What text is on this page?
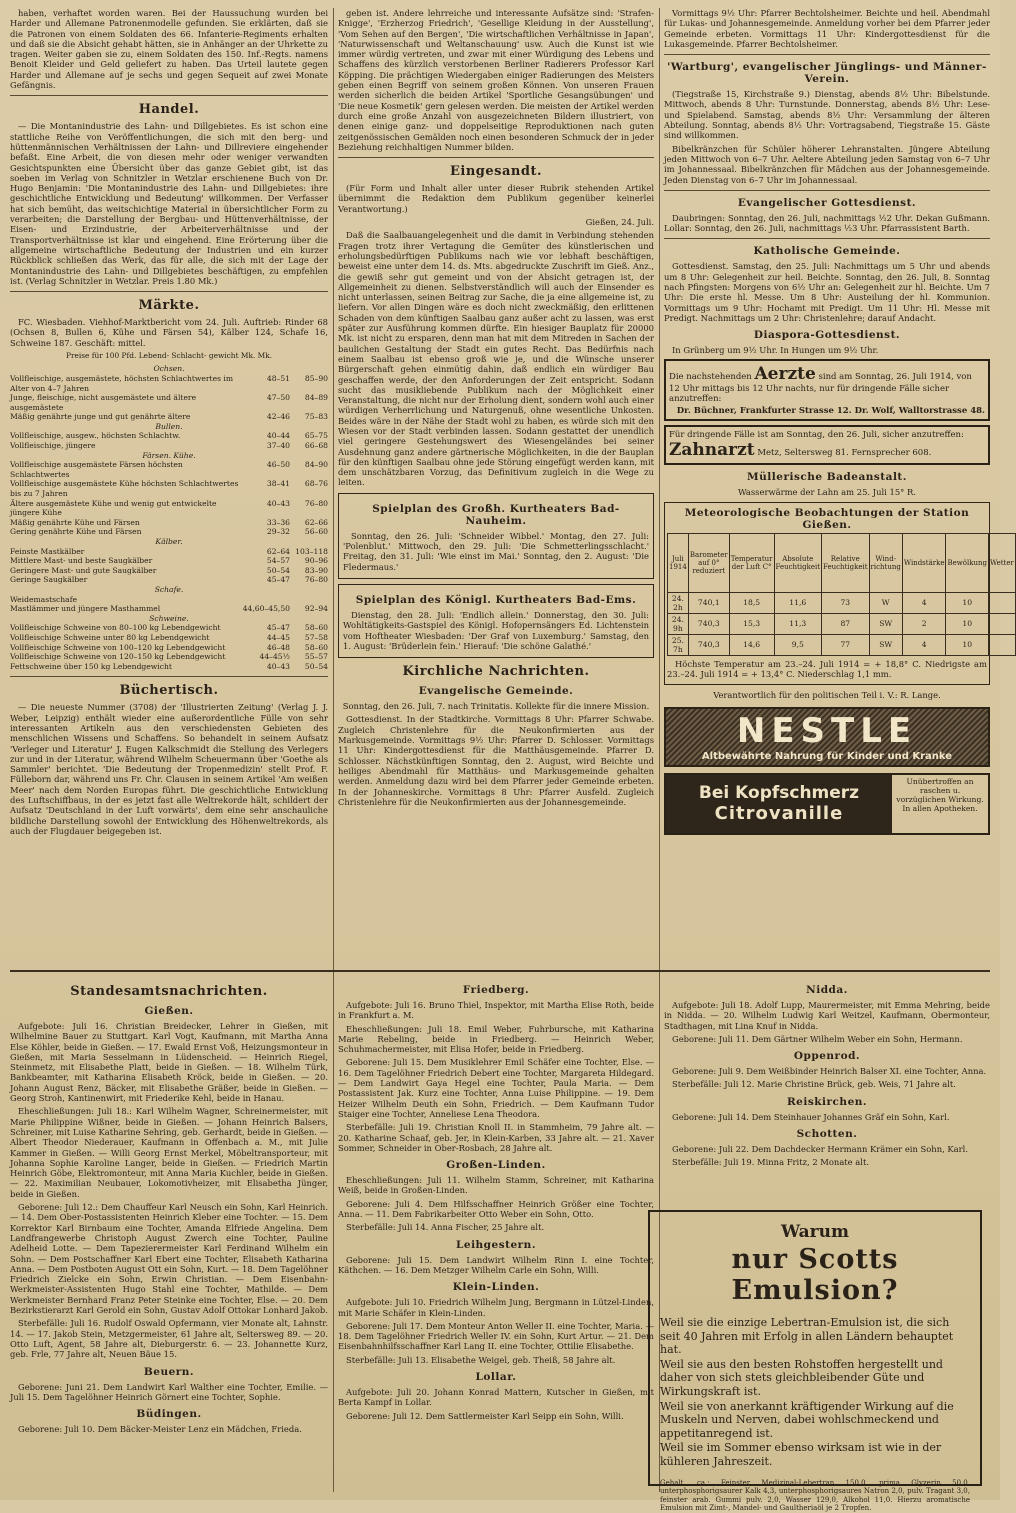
haben, verhaftet worden waren. Bei der Haussuchung wurden bei Harder und Allemane Patronenmodelle gefunden. Sie erklärten, daß sie die Patronen von einem Soldaten des 66. Infanterie-Regiments erhalten und daß sie die Absicht gehabt hätten, sie in Anhänger an der Uhrkette zu tragen. Weiter gaben sie zu, einem Soldaten des 150. Inf.-Regts. namens Benoit Kleider und Geld geliefert zu haben. Das Urteil lautete gegen Harder und Allemane auf je sechs und gegen Sequeit auf zwei Monate Gefängnis.

Handel.

— Die Montanindustrie des Lahn- und Dillgebietes. Es ist schon eine stattliche Reihe von Veröffentlichungen, die sich mit den berg- und hüttenmännischen Verhältnissen der Lahn- und Dillreviere eingehender befaßt. Eine Arbeit, die von diesen mehr oder weniger verwandten Gesichtspunkten eine Übersicht über das ganze Gebiet gibt, ist das soeben im Verlag von Schnitzler in Wetzlar erschienene Buch von Dr. Hugo Benjamin: 'Die Montanindustrie des Lahn- und Dillgebietes: ihre geschichtliche Entwicklung und Bedeutung' willkommen. Der Verfasser hat sich bemüht, das weitschichtige Material in übersichtlicher Form zu verarbeiten; die Darstellung der Bergbau- und Hüttenverhältnisse, der Eisen- und Erzindustrie, der Arbeiterverhältnisse und der Transportverhältnisse ist klar und eingehend. Eine Erörterung über die allgemeine wirtschaftliche Bedeutung der Industrien und ein kurzer Rückblick schließen das Werk, das für alle, die sich mit der Lage der Montanindustrie des Lahn- und Dillgebietes beschäftigen, zu empfehlen ist. (Verlag Schnitzler in Wetzlar. Preis 1.80 Mk.)

Märkte.

FC. Wiesbaden. Viehhof-Marktbericht vom 24. Juli. Auftrieb: Rinder 68 (Ochsen 8, Bullen 6, Kühe und Färsen 54), Kälber 124, Schafe 16, Schweine 187. Geschäft: mittel.

Preise für 100 Pfd. Lebend- Schlacht- gewicht Mk. Mk.

Ochsen.		
Vollfleischige, ausgemästete, höchsten Schlachtwertes im Alter von 4–7 Jahren	48–51	85–90
Junge, fleischige, nicht ausgemästete und ältere ausgemästete	47–50	84–89
Mäßig genährte junge und gut genährte ältere	42–46	75–83
Bullen.		
Vollfleischige, ausgew., höchsten Schlachtw.	40–44	65–75
Vollfleischige, jüngere	37–40	66–68
Färsen. Kühe.		
Vollfleischige ausgemästete Färsen höchsten Schlachtwertes	46–50	84–90
Vollfleischige ausgemästete Kühe höchsten Schlachtwertes bis zu 7 Jahren	38–41	68–76
Ältere ausgemästete Kühe und wenig gut entwickelte jüngere Kühe	40–43	76–80
Mäßig genährte Kühe und Färsen	33–36	62–66
Gering genährte Kühe und Färsen	29–32	56–60
Kälber.		
Feinste Mastkälber	62–64	103–118
Mittlere Mast- und beste Saugkälber	54–57	90–96
Geringere Mast- und gute Saugkälber	50–54	83–90
Geringe Saugkälber	45–47	76–80
Schafe.		
Weidemastschafe		
Mastlämmer und jüngere Masthammel	44,60–45,50	92–94
Schweine.		
Vollfleischige Schweine von 80–100 kg Lebendgewicht	45–47	58–60
Vollfleischige Schweine unter 80 kg Lebendgewicht	44–45	57–58
Vollfleischige Schweine von 100–120 kg Lebendgewicht	46–48	58–60
Vollfleischige Schweine von 120–150 kg Lebendgewicht	44–45½	55–57
Fettschweine über 150 kg Lebendgewicht	40–43	50–54
Büchertisch.

— Die neueste Nummer (3708) der 'Illustrierten Zeitung' (Verlag J. J. Weber, Leipzig) enthält wieder eine außerordentliche Fülle von sehr interessanten Artikeln aus den verschiedensten Gebieten des menschlichen Wissens und Schaffens. So behandelt in seinem Aufsatz 'Verleger und Literatur' J. Eugen Kalkschmidt die Stellung des Verlegers zur und in der Literatur, während Wilhelm Scheuermann über 'Goethe als Sammler' berichtet. 'Die Bedeutung der Tropenmedizin' stellt Prof. F. Fülleborn dar, während uns Fr. Chr. Clausen in seinem Artikel 'Am weißen Meer' nach dem Norden Europas führt. Die geschichtliche Entwicklung des Luftschiffbaus, in der es jetzt fast alle Weltrekorde hält, schildert der Aufsatz 'Deutschland in der Luft vorwärts', dem eine sehr anschauliche bildliche Darstellung sowohl der Entwicklung des Höhenweltrekords, als auch der Flugdauer beigegeben ist.

geben ist. Andere lehrreiche und interessante Aufsätze sind: 'Strafen-Knigge', 'Erzherzog Friedrich', 'Gesellige Kleidung in der Ausstellung', 'Vom Sehen auf den Bergen', 'Die wirtschaftlichen Verhältnisse in Japan', 'Naturwissenschaft und Weltanschauung' usw. Auch die Kunst ist wie immer würdig vertreten, und zwar mit einer Würdigung des Lebens und Schaffens des kürzlich verstorbenen Berliner Radierers Professor Karl Köpping. Die prächtigen Wiedergaben einiger Radierungen des Meisters geben einen Begriff von seinem großen Können. Von unseren Frauen werden sicherlich die beiden Artikel 'Sportliche Gesangsübungen' und 'Die neue Kosmetik' gern gelesen werden. Die meisten der Artikel werden durch eine große Anzahl von ausgezeichneten Bildern illustriert, von denen einige ganz- und doppelseitige Reproduktionen nach guten zeitgenössischen Gemälden noch einen besonderen Schmuck der in jeder Beziehung reichhaltigen Nummer bilden.

Eingesandt.

(Für Form und Inhalt aller unter dieser Rubrik stehenden Artikel übernimmt die Redaktion dem Publikum gegenüber keinerlei Verantwortung.)

Gießen, 24. Juli.

Daß die Saalbauangelegenheit und die damit in Verbindung stehenden Fragen trotz ihrer Vertagung die Gemüter des künstlerischen und erholungsbedürftigen Publikums nach wie vor lebhaft beschäftigen, beweist eine unter dem 14. ds. Mts. abgedruckte Zuschrift im Gieß. Anz., die gewiß sehr gut gemeint und von der Absicht getragen ist, der Allgemeinheit zu dienen. Selbstverständlich will auch der Einsender es nicht unterlassen, seinen Beitrag zur Sache, die ja eine allgemeine ist, zu liefern. Vor allen Dingen wäre es doch nicht zweckmäßig, den erlittenen Schaden von dem künftigen Saalbau ganz außer acht zu lassen, was erst später zur Ausführung kommen dürfte. Ein hiesiger Bauplatz für 20000 Mk. ist nicht zu ersparen, denn man hat mit dem Mitreden in Sachen der baulichen Gestaltung der Stadt ein gutes Recht. Das Bedürfnis nach einem Saalbau ist ebenso groß wie je, und die Wünsche unserer Bürgerschaft gehen einmütig dahin, daß endlich ein würdiger Bau geschaffen werde, der den Anforderungen der Zeit entspricht. Sodann sucht das musikliebende Publikum nach der Möglichkeit einer Veranstaltung, die nicht nur der Erholung dient, sondern wohl auch einer würdigen Verherrlichung und Naturgenuß, ohne wesentliche Unkosten. Beides wäre in der Nähe der Stadt wohl zu haben, es würde sich mit den Wiesen vor der Stadt verbinden lassen. Sodann gestattet der unendlich viel geringere Gestehungswert des Wiesengeländes bei seiner Ausdehnung ganz andere gärtnerische Möglichkeiten, in die der Bauplan für den künftigen Saalbau ohne jede Störung eingefügt werden kann, mit dem unschätzbaren Vorzug, das Definitivum zugleich in die Wege zu leiten.

Spielplan des Großh. Kurtheaters Bad-Nauheim.

Sonntag, den 26. Juli: 'Schneider Wibbel.' Montag, den 27. Juli: 'Polenblut.' Mittwoch, den 29. Juli: 'Die Schmetterlingsschlacht.' Freitag, den 31. Juli: 'Wie einst im Mai.' Sonntag, den 2. August: 'Die Fledermaus.'

Spielplan des Königl. Kurtheaters Bad-Ems.

Dienstag, den 28. Juli: 'Endlich allein.' Donnerstag, den 30. Juli: Wohltätigkeits-Gastspiel des Königl. Hofopernsängers Ed. Lichtenstein vom Hoftheater Wiesbaden: 'Der Graf von Luxemburg.' Samstag, den 1. August: 'Brüderlein fein.' Hierauf: 'Die schöne Galathé.'

Kirchliche Nachrichten.
Evangelische Gemeinde.

Sonntag, den 26. Juli, 7. nach Trinitatis. Kollekte für die innere Mission.

Gottesdienst. In der Stadtkirche. Vormittags 8 Uhr: Pfarrer Schwabe. Zugleich Christenlehre für die Neukonfirmierten aus der Markusgemeinde. Vormittags 9½ Uhr: Pfarrer D. Schlosser. Vormittags 11 Uhr: Kindergottesdienst für die Matthäusgemeinde. Pfarrer D. Schlosser. Nächstkünftigen Sonntag, den 2. August, wird Beichte und heiliges Abendmahl für Matthäus- und Markusgemeinde gehalten werden. Anmeldung dazu wird bei dem Pfarrer jeder Gemeinde erbeten. In der Johanneskirche. Vormittags 8 Uhr: Pfarrer Ausfeld. Zugleich Christenlehre für die Neukonfirmierten aus der Johannesgemeinde.

Vormittags 9½ Uhr: Pfarrer Bechtolsheimer. Beichte und heil. Abendmahl für Lukas- und Johannesgemeinde. Anmeldung vorher bei dem Pfarrer jeder Gemeinde erbeten. Vormittags 11 Uhr: Kindergottesdienst für die Lukasgemeinde. Pfarrer Bechtolsheimer.

'Wartburg', evangelischer Jünglings- und Männer-Verein.

(Tiegstraße 15, Kirchstraße 9.) Dienstag, abends 8½ Uhr: Bibelstunde. Mittwoch, abends 8 Uhr: Turnstunde. Donnerstag, abends 8½ Uhr: Lese- und Spielabend. Samstag, abends 8½ Uhr: Versammlung der älteren Abteilung. Sonntag, abends 8½ Uhr: Vortragsabend, Tiegstraße 15. Gäste sind willkommen.

Bibelkränzchen für Schüler höherer Lehranstalten. Jüngere Abteilung jeden Mittwoch von 6–7 Uhr. Aeltere Abteilung jeden Samstag von 6–7 Uhr im Johannessaal. Bibelkränzchen für Mädchen aus der Johannesgemeinde. Jeden Dienstag von 6–7 Uhr im Johannessaal.

Evangelischer Gottesdienst.

Daubringen: Sonntag, den 26. Juli, nachmittags ½2 Uhr. Dekan Gußmann. Lollar: Sonntag, den 26. Juli, nachmittags ½3 Uhr. Pfarrassistent Barth.

Katholische Gemeinde.

Gottesdienst. Samstag, den 25. Juli: Nachmittags um 5 Uhr und abends um 8 Uhr: Gelegenheit zur heil. Beichte. Sonntag, den 26. Juli, 8. Sonntag nach Pfingsten: Morgens von 6½ Uhr an: Gelegenheit zur hl. Beichte. Um 7 Uhr: Die erste hl. Messe. Um 8 Uhr: Austeilung der hl. Kommunion. Vormittags um 9 Uhr: Hochamt mit Predigt. Um 11 Uhr: Hl. Messe mit Predigt. Nachmittags um 2 Uhr: Christenlehre; darauf Andacht.

Diaspora-Gottesdienst.

In Grünberg um 9½ Uhr. In Hungen um 9½ Uhr.

Die nachstehenden Aerzte sind am Sonntag, 26. Juli 1914, von 12 Uhr mittags bis 12 Uhr nachts, nur für dringende Fälle sicher anzutreffen:
Dr. Büchner, Frankfurter Strasse 12. Dr. Wolf, Walltorstrasse 48.
Für dringende Fälle ist am Sonntag, den 26. Juli, sicher anzutreffen:
Zahnarzt Metz, Seltersweg 81. Fernsprecher 608.
Müllerische Badeanstalt.

Wasserwärme der Lahn am 25. Juli 15° R.

Meteorologische Beobachtungen der Station Gießen.
Juli 1914	Barometer auf 0° reduziert	Temperatur der Luft C°	Absolute Feuchtigkeit	Relative Feuchtigkeit	Wind-richtung	Windstärke	Bewölkung	Wetter
24. 2h	740,1	18,5	11,6	73	W	4	10	
24. 9h	740,3	15,3	11,3	87	SW	2	10	
25. 7h	740,3	14,6	9,5	77	SW	4	10	

Höchste Temperatur am 23.–24. Juli 1914 = + 18,8° C. Niedrigste am 23.–24. Juli 1914 = + 13,4° C. Niederschlag 1,1 mm.

Verantwortlich für den politischen Teil i. V.: R. Lange.

NESTLE
Altbewährte Nahrung für Kinder und Kranke
Bei Kopfschmerz
Citrovanille
Unübertroffen an raschen u. vorzüglichen Wirkung. In allen Apotheken.
Standesamtsnachrichten.
Gießen.

Aufgebote: Juli 16. Christian Breidecker, Lehrer in Gießen, mit Wilhelmine Bauer zu Stuttgart. Karl Vogt, Kaufmann, mit Martha Anna Else Köhler, beide in Gießen. — 17. Ewald Ernst Voß, Heizungsmonteur in Gießen, mit Maria Sesselmann in Lüdenscheid. — Heinrich Riegel, Steinmetz, mit Elisabethe Platt, beide in Gießen. — 18. Wilhelm Türk, Bankbeamter, mit Katharina Elisabeth Kröck, beide in Gießen. — 20. Johann August Renz, Bäcker, mit Elisabethe Gräßer, beide in Gießen. — Georg Stroh, Kantinenwirt, mit Friederike Kehl, beide in Hanau.

Eheschließungen: Juli 18.: Karl Wilhelm Wagner, Schreinermeister, mit Marie Philippine Wißner, beide in Gießen. — Johann Heinrich Balsers, Schreiner, mit Luise Katharine Sehring, geb. Gerhardt, beide in Gießen. — Albert Theodor Niederauer, Kaufmann in Offenbach a. M., mit Julie Kammer in Gießen. — Willi Georg Ernst Merkel, Möbeltransporteur, mit Johanna Sophie Karoline Langer, beide in Gießen. — Friedrich Martin Heinrich Göbe, Elektromonteur, mit Anna Maria Kuchler, beide in Gießen. — 22. Maximilian Neubauer, Lokomotivheizer, mit Elisabetha Jünger, beide in Gießen.

Geborene: Juli 12.: Dem Chauffeur Karl Neusch ein Sohn, Karl Heinrich. — 14. Dem Ober-Postassistenten Heinrich Kleber eine Tochter. — 15. Dem Korrektor Karl Birnbaum eine Tochter, Amanda Elfriede Angelina. Dem Landfrangewerbe Christoph August Zwerch eine Tochter, Pauline Adelheid Lotte. — Dem Tapezierermeister Karl Ferdinand Wilhelm ein Sohn. — Dem Postschaffner Karl Ebert eine Tochter, Elisabeth Katharina Anna. — Dem Postboten August Ott ein Sohn, Kurt. — 18. Dem Tagelöhner Friedrich Zielcke ein Sohn, Erwin Christian. — Dem Eisenbahn-Werkmeister-Assistenten Hugo Stahl eine Tochter, Mathilde. — Dem Werkmeister Bernhard Franz Peter Steinke eine Tochter, Else. — 20. Dem Bezirkstierarzt Karl Gerold ein Sohn, Gustav Adolf Ottokar Lonhard Jakob.

Sterbefälle: Juli 16. Rudolf Oswald Opfermann, vier Monate alt, Lahnstr. 14. — 17. Jakob Stein, Metzgermeister, 61 Jahre alt, Seltersweg 89. — 20. Otto Luft, Agent, 58 Jahre alt, Dieburgerstr. 6. — 23. Johannette Kurz, geb. Frle, 77 Jahre alt, Neuen Bäue 15.

Beuern.

Geborene: Juni 21. Dem Landwirt Karl Walther eine Tochter, Emilie. — Juli 15. Dem Tagelöhner Heinrich Görnert eine Tochter, Sophie.

Büdingen.

Geborene: Juli 10. Dem Bäcker-Meister Lenz ein Mädchen, Frieda.

Friedberg.

Aufgebote: Juli 16. Bruno Thiel, Inspektor, mit Martha Elise Roth, beide in Frankfurt a. M.

Eheschließungen: Juli 18. Emil Weber, Fuhrbursche, mit Katharina Marie Rebeling, beide in Friedberg. — Heinrich Weber, Schuhmachermeister, mit Elisa Hofer, beide in Friedberg.

Geborene: Juli 15. Dem Musiklehrer Emil Schäfer eine Tochter, Else. — 16. Dem Tagelöhner Friedrich Debert eine Tochter, Margareta Hildegard. — Dem Landwirt Gaya Hegel eine Tochter, Paula Maria. — Dem Postassistent Jak. Kurz eine Tochter, Anna Luise Philippine. — 19. Dem Heizer Wilhelm Deuth ein Sohn, Friedrich. — Dem Kaufmann Tudor Staiger eine Tochter, Anneliese Lena Theodora.

Sterbefälle: Juli 19. Christian Knoll II. in Stammheim, 79 Jahre alt. — 20. Katharine Schaaf, geb. Jer, in Klein-Karben, 33 Jahre alt. — 21. Xaver Sommer, Schneider in Ober-Rosbach, 28 Jahre alt.

Großen-Linden.

Eheschließungen: Juli 11. Wilhelm Stamm, Schreiner, mit Katharina Weiß, beide in Großen-Linden.

Geborene: Juli 4. Dem Hilfsschaffner Heinrich Größer eine Tochter, Anna. — 11. Dem Fabrikarbeiter Otto Weber ein Sohn, Otto.

Sterbefälle: Juli 14. Anna Fischer, 25 Jahre alt.

Leihgestern.

Geborene: Juli 15. Dem Landwirt Wilhelm Rinn I. eine Tochter, Käthchen. — 16. Dem Metzger Wilhelm Carle ein Sohn, Willi.

Klein-Linden.

Aufgebote: Juli 10. Friedrich Wilhelm Jung, Bergmann in Lützel-Linden, mit Marie Schäfer in Klein-Linden.

Geborene: Juli 17. Dem Monteur Anton Weller II. eine Tochter, Maria. — 18. Dem Tagelöhner Friedrich Weller IV. ein Sohn, Kurt Artur. — 21. Dem Eisenbahnhilfsschaffner Karl Lang II. eine Tochter, Ottilie Elisabethe.

Sterbefälle: Juli 13. Elisabethe Weigel, geb. Theiß, 58 Jahre alt.

Lollar.

Aufgebote: Juli 20. Johann Konrad Mattern, Kutscher in Gießen, mit Berta Kampf in Lollar.

Geborene: Juli 12. Dem Sattlermeister Karl Seipp ein Sohn, Willi.

Nidda.

Aufgebote: Juli 18. Adolf Lupp, Maurermeister, mit Emma Mehring, beide in Nidda. — 20. Wilhelm Ludwig Karl Weitzel, Kaufmann, Obermonteur, Stadthagen, mit Lina Knuf in Nidda.

Geborene: Juli 11. Dem Gärtner Wilhelm Weber ein Sohn, Hermann.

Oppenrod.

Geborene: Juli 9. Dem Weißbinder Heinrich Balser XI. eine Tochter, Anna.

Sterbefälle: Juli 12. Marie Christine Brück, geb. Weis, 71 Jahre alt.

Reiskirchen.

Geborene: Juli 14. Dem Steinhauer Johannes Gräf ein Sohn, Karl.

Schotten.

Geborene: Juli 22. Dem Dachdecker Hermann Krämer ein Sohn, Karl.

Sterbefälle: Juli 19. Minna Fritz, 2 Monate alt.

Warum
nur Scotts Emulsion?

Weil sie die einzige Lebertran-Emulsion ist, die sich seit 40 Jahren mit Erfolg in allen Ländern behauptet hat.

Weil sie aus den besten Rohstoffen hergestellt und daher von sich stets gleichbleibender Güte und Wirkungskraft ist.

Weil sie von anerkannt kräftigender Wirkung auf die Muskeln und Nerven, dabei wohlschmeckend und appetitanregend ist.

Weil sie im Sommer ebenso wirksam ist wie in der kühleren Jahreszeit.

Gehalt, ca.: Feinster Medizinal-Lebertran 150,0, prima Glyzerin 50,0, unterphosphorigsaurer Kalk 4,3, unterphosphorigsaures Natron 2,0, pulv. Tragant 3,0, feinster arab. Gummi pulv. 2,0, Wasser 129,0, Alkohol 11,0. Hierzu aromatische Emulsion mit Zimt-, Mandel- und Gaultheriaöl je 2 Tropfen.
